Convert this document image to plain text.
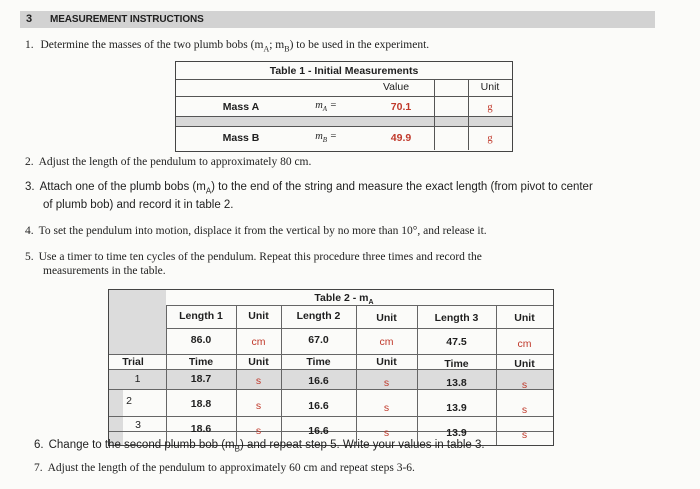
3 MEASUREMENT INSTRUCTIONS
1. Determine the masses of the two plumb bobs ($m_A$; $m_B$) to be used in the experiment.
Table 1 - Initial Measurements
Value	Unit
Mass A	$m_A$ =	70.1	g
Mass B	$m_B$ =	49.9	g
2. Adjust the length of the pendulum to approximately 80 cm.
3. Attach one of the plumb bobs $(m_A)$ to the end of the string and measure the exact length (from pivot to center
of plumb bob) and record it in table 2.
4. To set the pendulum into motion, displace it from the vertical by no more than 10°, and release it.
5. Use a timer to time ten cycles of the pendulum. Repeat this procedure three times and record the
measurements in the table.
Table $2 - m_A$
Length 1	Unit	Length 2	Unit	Length 3	Unit
86.0	cm	67.0	cm	47.5	cm
Trial	Time	Unit	Time	Unit	Time	Unit
1	18.7	s	16.6	s	13.8	s
2	18.8	s	16.6	s	13.9	s
3	18.6	s	16.6	s	13.9	s
6. Change to the second plumb bob $(m_B)$ and repeat step 5. Write your values in table 3.
7. Adjust the length of the pendulum to approximately 60 cm and repeat steps 3-6.
